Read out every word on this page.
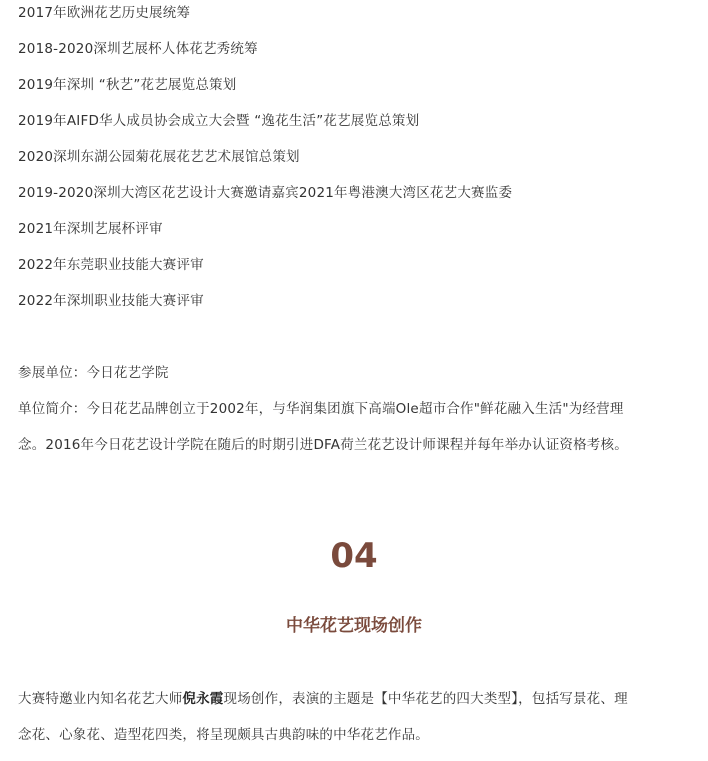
2017年欧洲花艺历史展统筹
2018-2020深圳艺展杯人体花艺秀统筹
2019年深圳 “秋艺”花艺展览总策划
2019年AIFD华人成员协会成立大会暨 “逸花生活”花艺展览总策划
2020深圳东湖公园菊花展花艺艺术展馆总策划
2019-2020深圳大湾区花艺设计大赛邀请嘉宾2021年粤港澳大湾区花艺大赛监委
2021年深圳艺展杯评审
2022年东莞职业技能大赛评审
2022年深圳职业技能大赛评审
参展单位：今日花艺学院
单位简介：今日花艺品牌创立于2002年，与华润集团旗下高端Ole超市合作"鲜花融入生活"为经营理
念。2016年今日花艺设计学院在随后的时期引进DFA荷兰花艺设计师课程并每年举办认证资格考核。
04
中华花艺现场创作
大赛特邀业内知名花艺大师倪永霞现场创作，表演的主题是【中华花艺的四大类型】，包括写景花、理
念花、心象花、造型花四类，将呈现颇具古典韵味的中华花艺作品。
